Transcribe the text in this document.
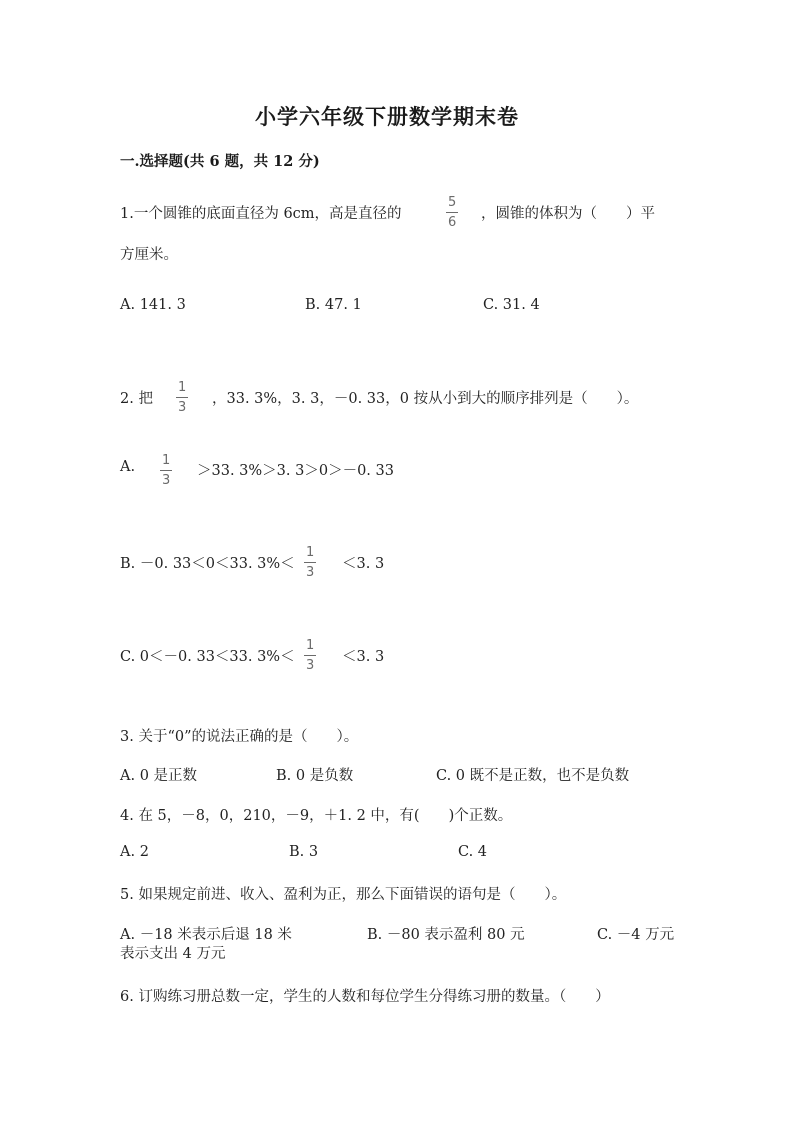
小学六年级下册数学期末卷
一.选择题(共 6 题，共 12 分)
1.一个圆锥的底面直径为 6cm，高是直径的
5
6
，圆锥的体积为（　　）平
方厘米。
A. 141. 3	B. 47. 1	C. 31. 4
2. 把
1
3
，33. 3%，3. 3，－0. 33，0 按从小到大的顺序排列是（　　）。
A. 1
3
＞33. 3%＞3. 3＞0＞－0. 33
B. －0. 33＜0＜33. 3%＜
1
3
＜3. 3
C. 0＜－0. 33＜33. 3%＜
1
3
＜3. 3
3. 关于“0”的说法正确的是（　　）。
A. 0 是正数	B. 0 是负数	C. 0 既不是正数，也不是负数
4. 在 5，－8，0，210，－9，＋1. 2 中，有(　　)个正数。
A. 2	B. 3	C. 4
5. 如果规定前进、收入、盈利为正，那么下面错误的语句是（　　）。
A. －18 米表示后退 18 米	B. －80 表示盈利 80 元	C. －4 万元
表示支出 4 万元
6. 订购练习册总数一定，学生的人数和每位学生分得练习册的数量。（　　）
